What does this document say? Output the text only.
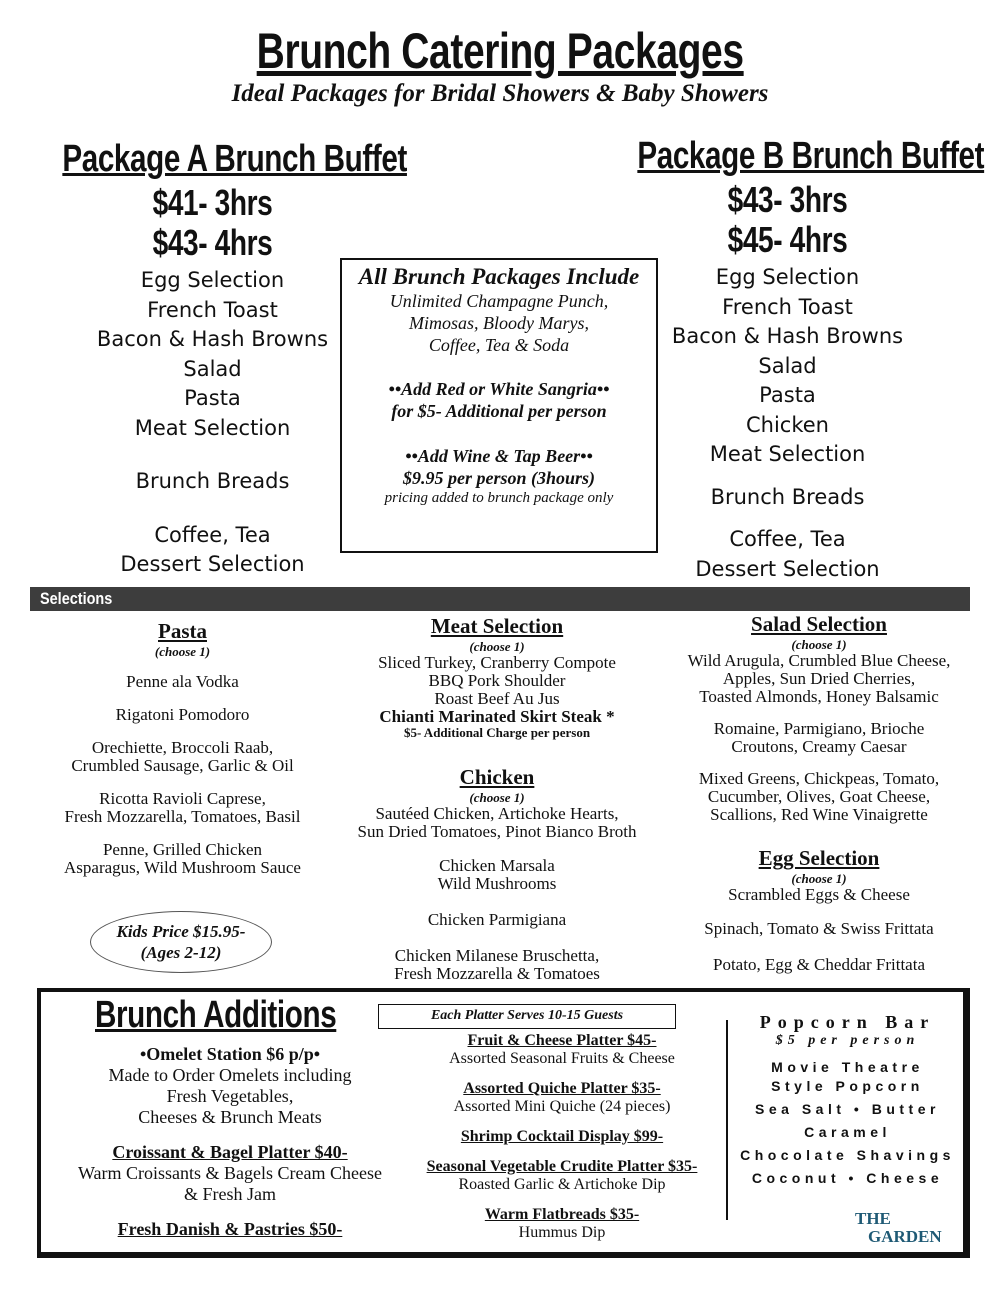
Brunch Catering Packages
Ideal Packages for Bridal Showers & Baby Showers
Package A Brunch Buffet
$41- 3hrs
$43- 4hrs
Egg Selection
French Toast
Bacon & Hash Browns
Salad
Pasta
Meat Selection
Brunch Breads
Coffee, Tea
Dessert Selection
Package B Brunch Buffet
$43- 3hrs
$45- 4hrs
Egg Selection
French Toast
Bacon & Hash Browns
Salad
Pasta
Chicken
Meat Selection
Brunch Breads
Coffee, Tea
Dessert Selection
All Brunch Packages Include
Unlimited Champagne Punch,
Mimosas, Bloody Marys,
Coffee, Tea & Soda
••Add Red or White Sangria••
for $5- Additional per person
••Add Wine & Tap Beer••
$9.95 per person (3hours)
pricing added to brunch package only
Selections
Pasta
(choose 1)
Penne ala Vodka
Rigatoni Pomodoro
Orechiette, Broccoli Raab,
Crumbled Sausage, Garlic & Oil
Ricotta Ravioli Caprese,
Fresh Mozzarella, Tomatoes, Basil
Penne, Grilled Chicken
Asparagus, Wild Mushroom Sauce
Kids Price $15.95-
(Ages 2-12)
Meat Selection
(choose 1)
Sliced Turkey, Cranberry Compote
BBQ Pork Shoulder
Roast Beef Au Jus
Chianti Marinated Skirt Steak *
$5- Additional Charge per person
Chicken
(choose 1)
Sautéed Chicken, Artichoke Hearts,
Sun Dried Tomatoes, Pinot Bianco Broth
Chicken Marsala
Wild Mushrooms
Chicken Parmigiana
Chicken Milanese Bruschetta,
Fresh Mozzarella & Tomatoes
Salad Selection
(choose 1)
Wild Arugula, Crumbled Blue Cheese,
Apples, Sun Dried Cherries,
Toasted Almonds, Honey Balsamic
Romaine, Parmigiano, Brioche
Croutons, Creamy Caesar
Mixed Greens, Chickpeas, Tomato,
Cucumber, Olives, Goat Cheese,
Scallions, Red Wine Vinaigrette
Egg Selection
(choose 1)
Scrambled Eggs & Cheese
Spinach, Tomato & Swiss Frittata
Potato, Egg & Cheddar Frittata
Brunch Additions
•Omelet Station $6 p/p•
Made to Order Omelets including
Fresh Vegetables,
Cheeses & Brunch Meats
Croissant & Bagel Platter $40-
Warm Croissants & Bagels Cream Cheese
& Fresh Jam
Fresh Danish & Pastries $50-
Each Platter Serves 10-15 Guests
Fruit & Cheese Platter $45-
Assorted Seasonal Fruits & Cheese
Assorted Quiche Platter $35-
Assorted Mini Quiche (24 pieces)
Shrimp Cocktail Display $99-
Seasonal Vegetable Crudite Platter $35-
Roasted Garlic & Artichoke Dip
Warm Flatbreads $35-
Hummus Dip
Popcorn Bar
$5 per person
Movie Theatre
Style Popcorn
Sea Salt • Butter
Caramel
Chocolate Shavings
Coconut • Cheese
THE
GARDEN
